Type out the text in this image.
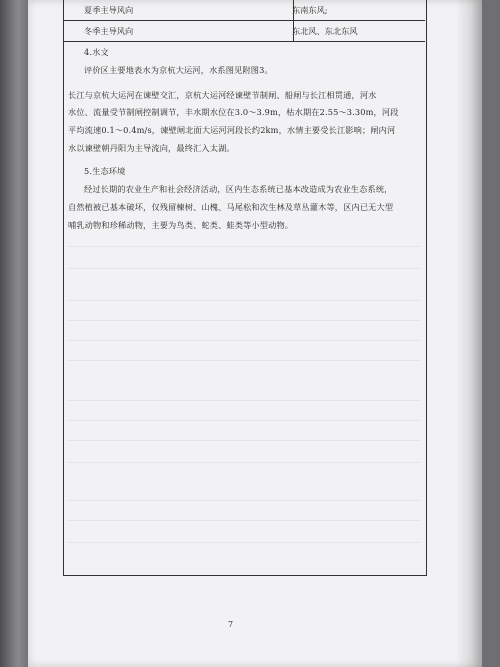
夏季主导风向	东南东风;
冬季主导风向	东北风、东北东风
4.水文
评价区主要地表水为京杭大运河，水系图见附图3。
长江与京杭大运河在谏壁交汇，京杭大运河经谏壁节制闸、船闸与长江相贯通，河水
水位、流量受节制闸控制调节，丰水期水位在3.0～3.9m，枯水期在2.55～3.30m，河段
平均流速0.1～0.4m/s，谏壁闸北面大运河河段长约2km，水情主要受长江影响；闸内河
水以谏壁朝丹阳为主导流向，最终汇入太湖。
5.生态环境
经过长期的农业生产和社会经济活动，区内生态系统已基本改造成为农业生态系统，
自然植被已基本破坏，仅残留楝树、山槐、马尾松和次生林及草丛灌木等，区内已无大型
哺乳动物和珍稀动物，主要为鸟类、蛇类、蛙类等小型动物。
7
